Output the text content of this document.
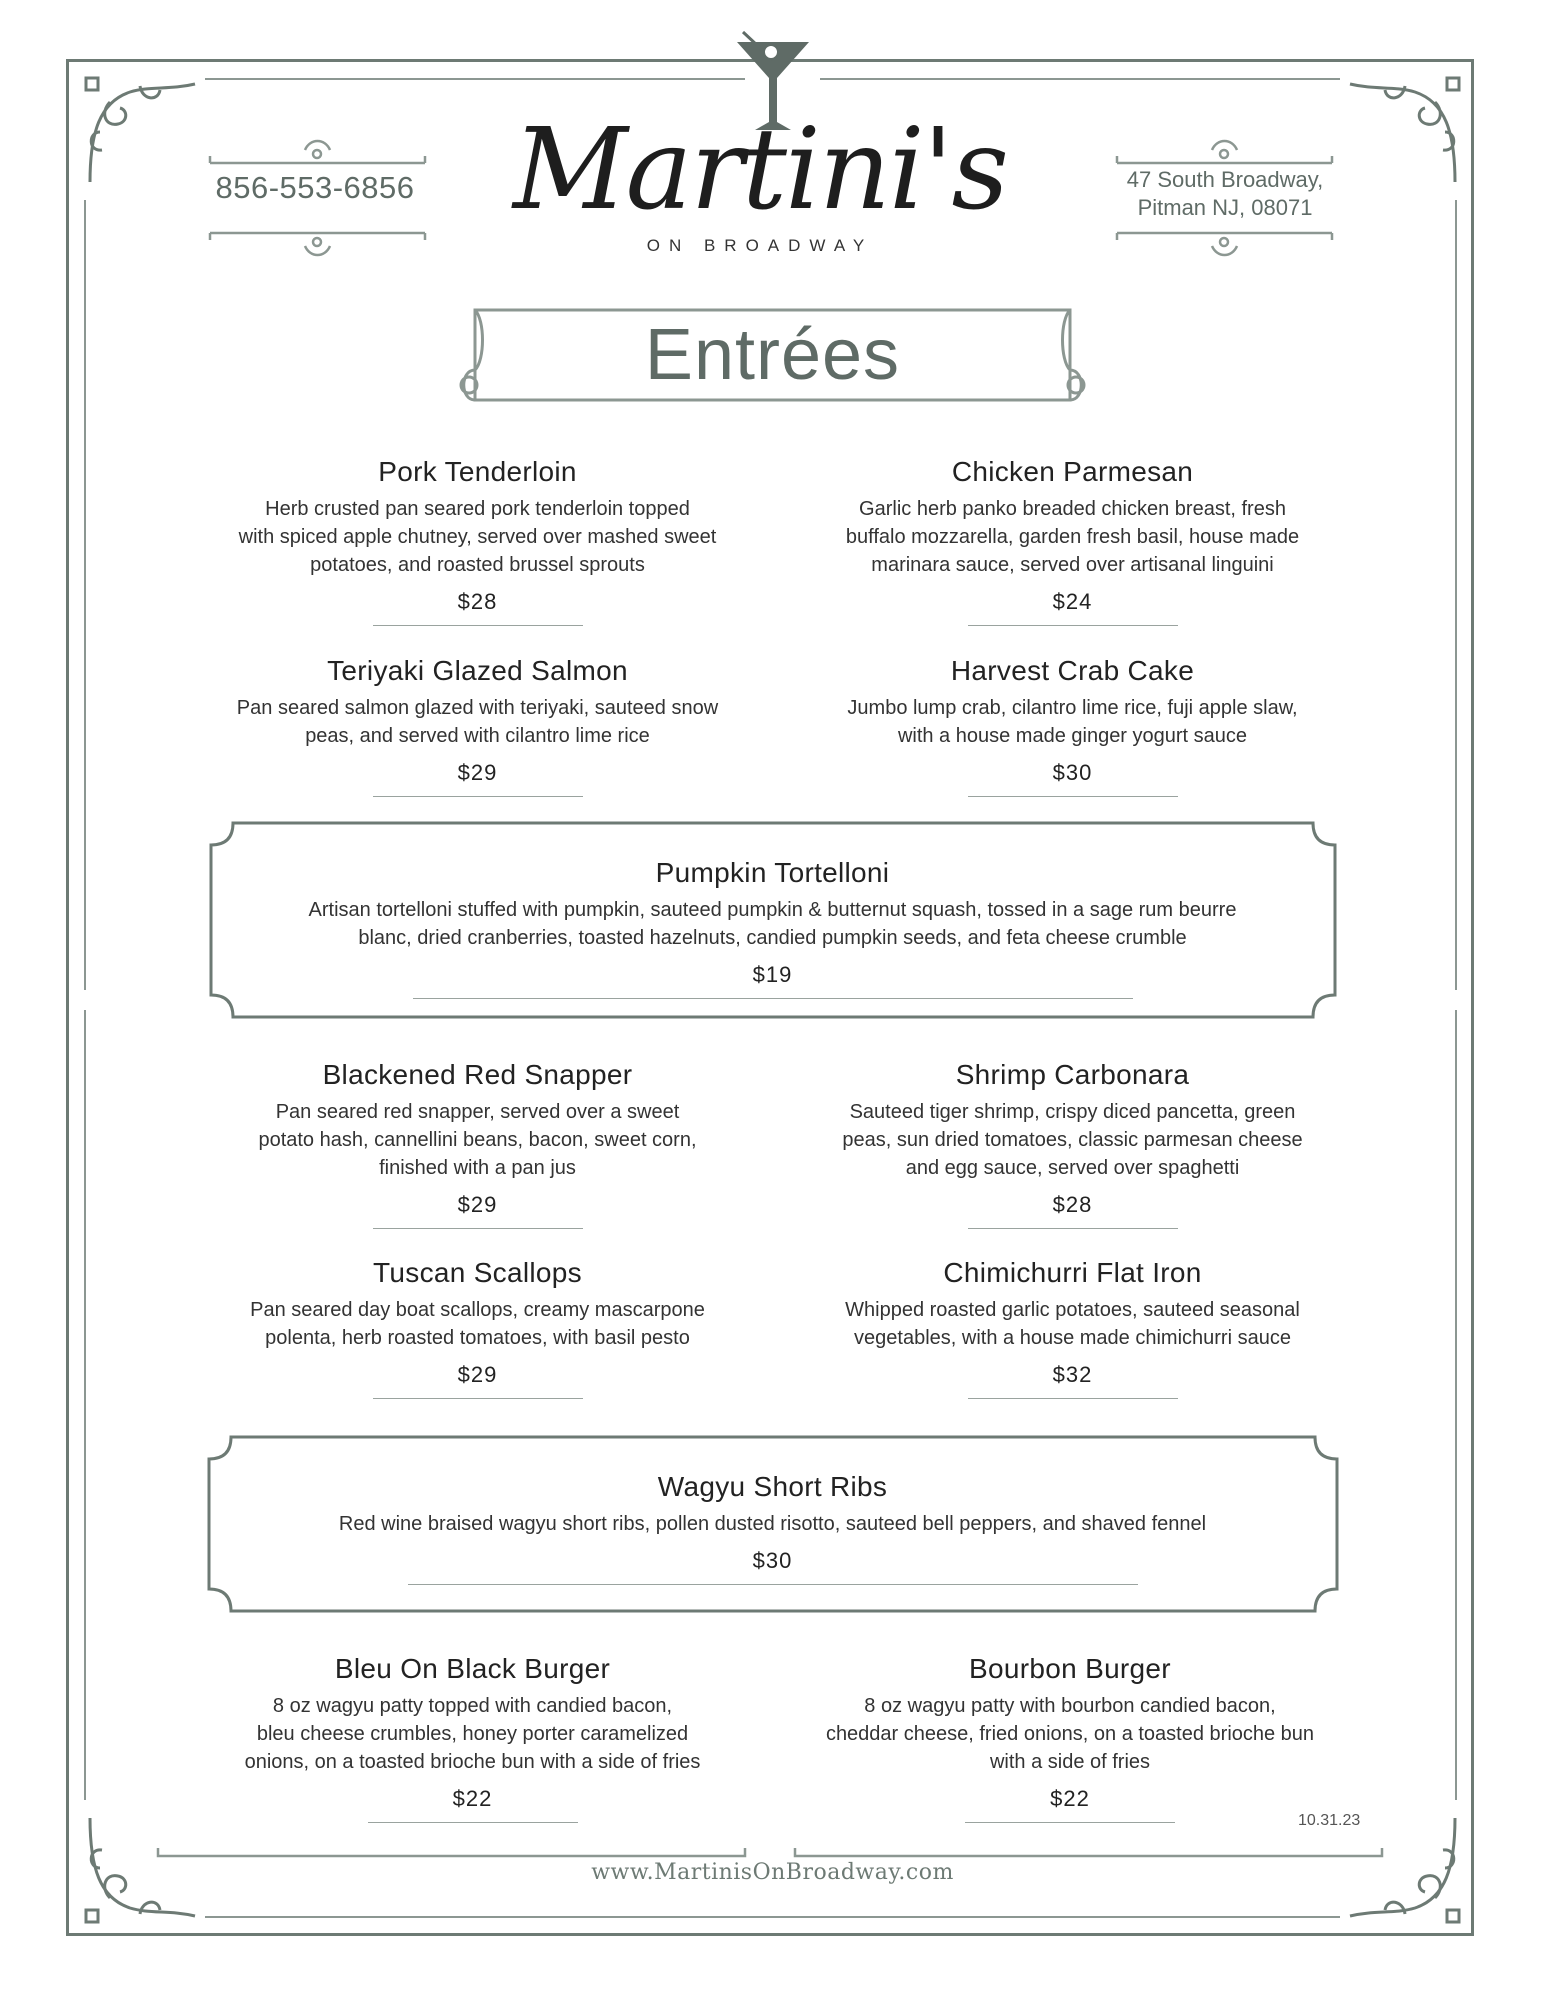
856-553-6856 Martini's
ON BROADWAY
47 South Broadway,
Pitman NJ, 08071
Entrées
Pork Tenderloin
Herb crusted pan seared pork tenderloin topped
with spiced apple chutney, served over mashed sweet
potatoes, and roasted brussel sprouts
$28
Chicken Parmesan
Garlic herb panko breaded chicken breast, fresh
buffalo mozzarella, garden fresh basil, house made
marinara sauce, served over artisanal linguini
$24
Teriyaki Glazed Salmon
Pan seared salmon glazed with teriyaki, sauteed snow
peas, and served with cilantro lime rice
$29
Harvest Crab Cake
Jumbo lump crab, cilantro lime rice, fuji apple slaw,
with a house made ginger yogurt sauce
$30
Pumpkin Tortelloni
Artisan tortelloni stuffed with pumpkin, sauteed pumpkin & butternut squash, tossed in a sage rum beurre
blanc, dried cranberries, toasted hazelnuts, candied pumpkin seeds, and feta cheese crumble
$19
Blackened Red Snapper
Pan seared red snapper, served over a sweet
potato hash, cannellini beans, bacon, sweet corn,
finished with a pan jus
$29
Shrimp Carbonara
Sauteed tiger shrimp, crispy diced pancetta, green
peas, sun dried tomatoes, classic parmesan cheese
and egg sauce, served over spaghetti
$28
Tuscan Scallops
Pan seared day boat scallops, creamy mascarpone
polenta, herb roasted tomatoes, with basil pesto
$29
Chimichurri Flat Iron
Whipped roasted garlic potatoes, sauteed seasonal
vegetables, with a house made chimichurri sauce
$32
Wagyu Short Ribs
Red wine braised wagyu short ribs, pollen dusted risotto, sauteed bell peppers, and shaved fennel
$30
Bleu On Black Burger
8 oz wagyu patty topped with candied bacon,
bleu cheese crumbles, honey porter caramelized
onions, on a toasted brioche bun with a side of fries
$22
Bourbon Burger
8 oz wagyu patty with bourbon candied bacon,
cheddar cheese, fried onions, on a toasted brioche bun
with a side of fries
$22
10.31.23
www.MartinisOnBroadway.com
